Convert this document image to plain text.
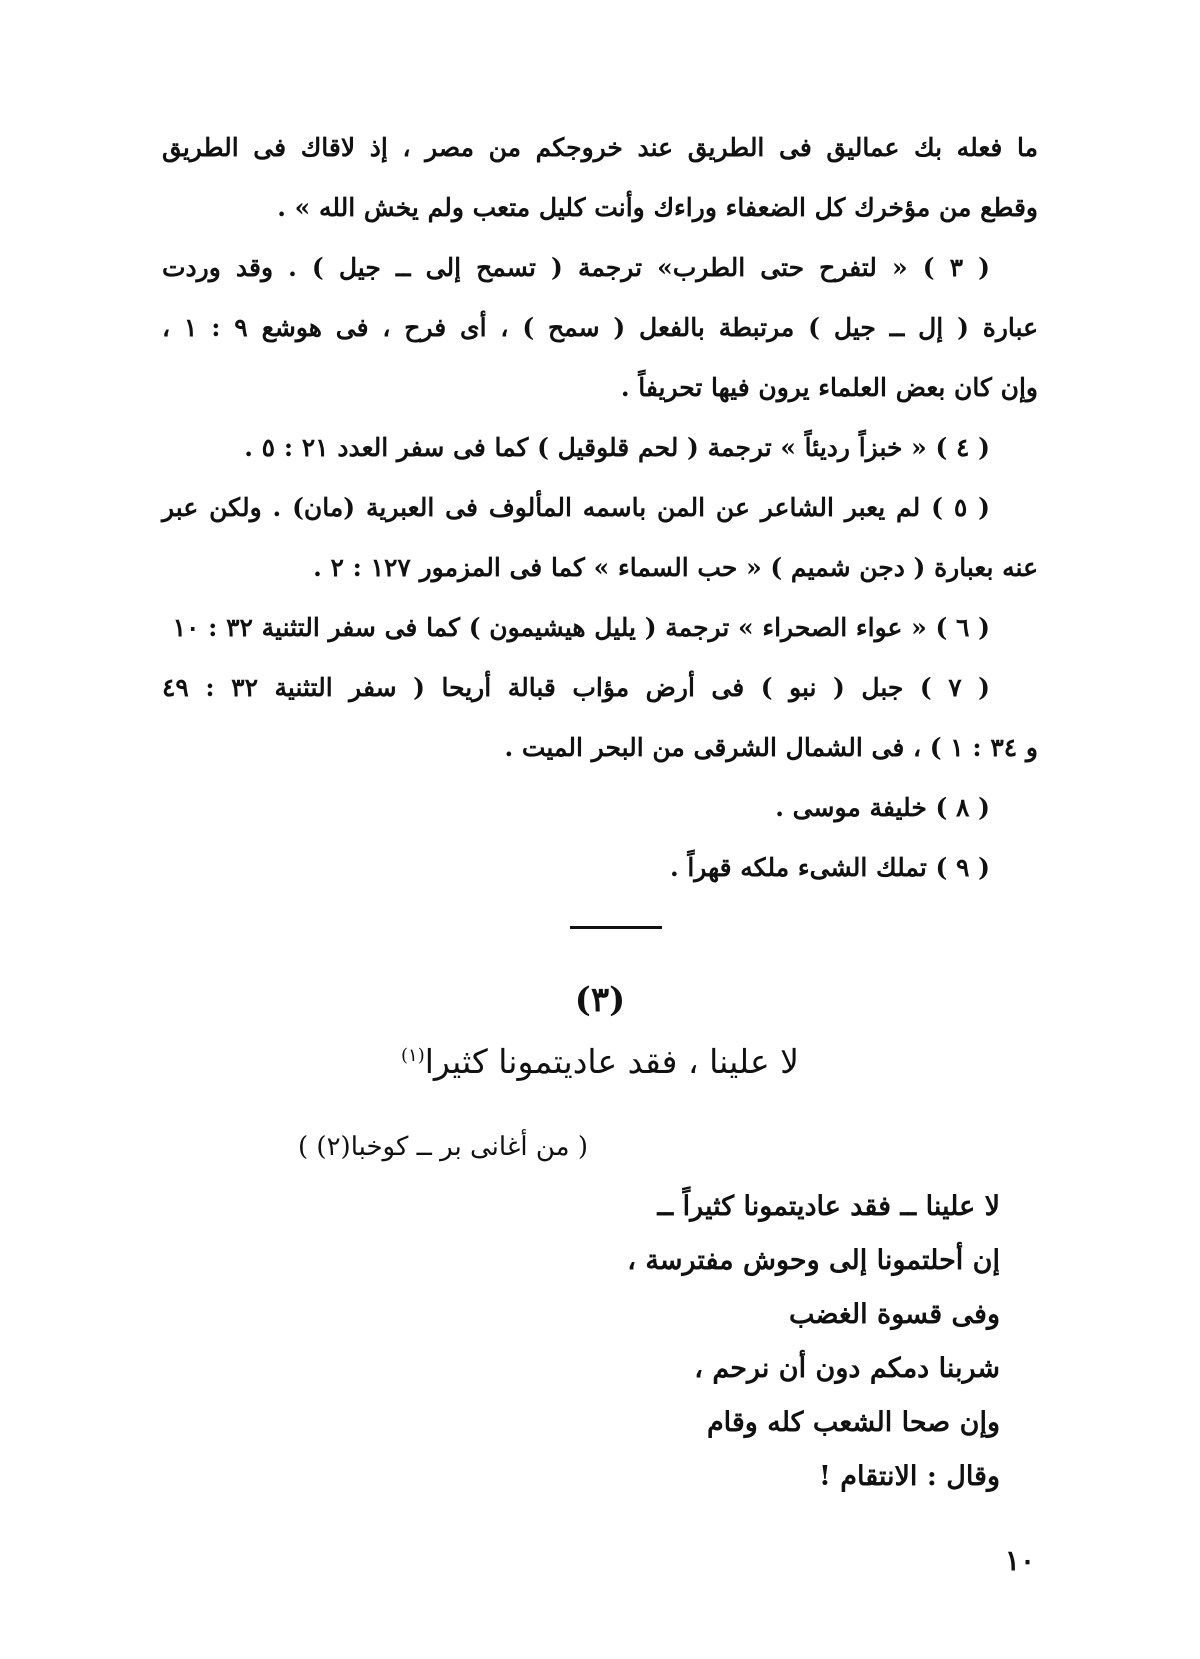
ما فعله بك عماليق فى الطريق عند خروجكم من مصر ، إذ لاقاك فى الطريق
وقطع من مؤخرك كل الضعفاء وراءك وأنت كليل متعب ولم يخش الله » .
( ٣ ) « لتفرح حتى الطرب» ترجمة ( تسمح إلى ــ جيل ) . وقد وردت
عبارة ( إل ــ جيل ) مرتبطة بالفعل ( سمح ) ، أى فرح ، فى هوشع ٩ : ١ ،
وإن كان بعض العلماء يرون فيها تحريفاً .
( ٤ ) « خبزاً رديئاً » ترجمة ( لحم قلوقيل ) كما فى سفر العدد ٢١ : ٥ .
( ٥ ) لم يعبر الشاعر عن المن باسمه المألوف فى العبرية (مان) . ولكن عبر
عنه بعبارة ( دجن شميم ) « حب السماء » كما فى المزمور ١٢٧ : ٢ .
( ٦ ) « عواء الصحراء » ترجمة ( يليل هيشيمون ) كما فى سفر التثنية ٣٢ : ١٠
( ٧ ) جبل ( نبو ) فى أرض مؤاب قبالة أريحا ( سفر التثنية ٣٢ : ٤٩
و ٣٤ : ١ ) ، فى الشمال الشرقى من البحر الميت .
( ٨ ) خليفة موسى .
( ٩ ) تملك الشىء ملكه قهراً .
(٣)
لا علينا ، فقد عاديتمونا كثيرا$^{(١)}$
( من أغانى بر ــ كوخبا(٢) )
لا علينا ــ فقد عاديتمونا كثيراً ــ
إن أحلتمونا إلى وحوش مفترسة ،
وفى قسوة الغضب
شربنا دمكم دون أن نرحم ،
وإن صحا الشعب كله وقام
وقال : الانتقام !
١٠
